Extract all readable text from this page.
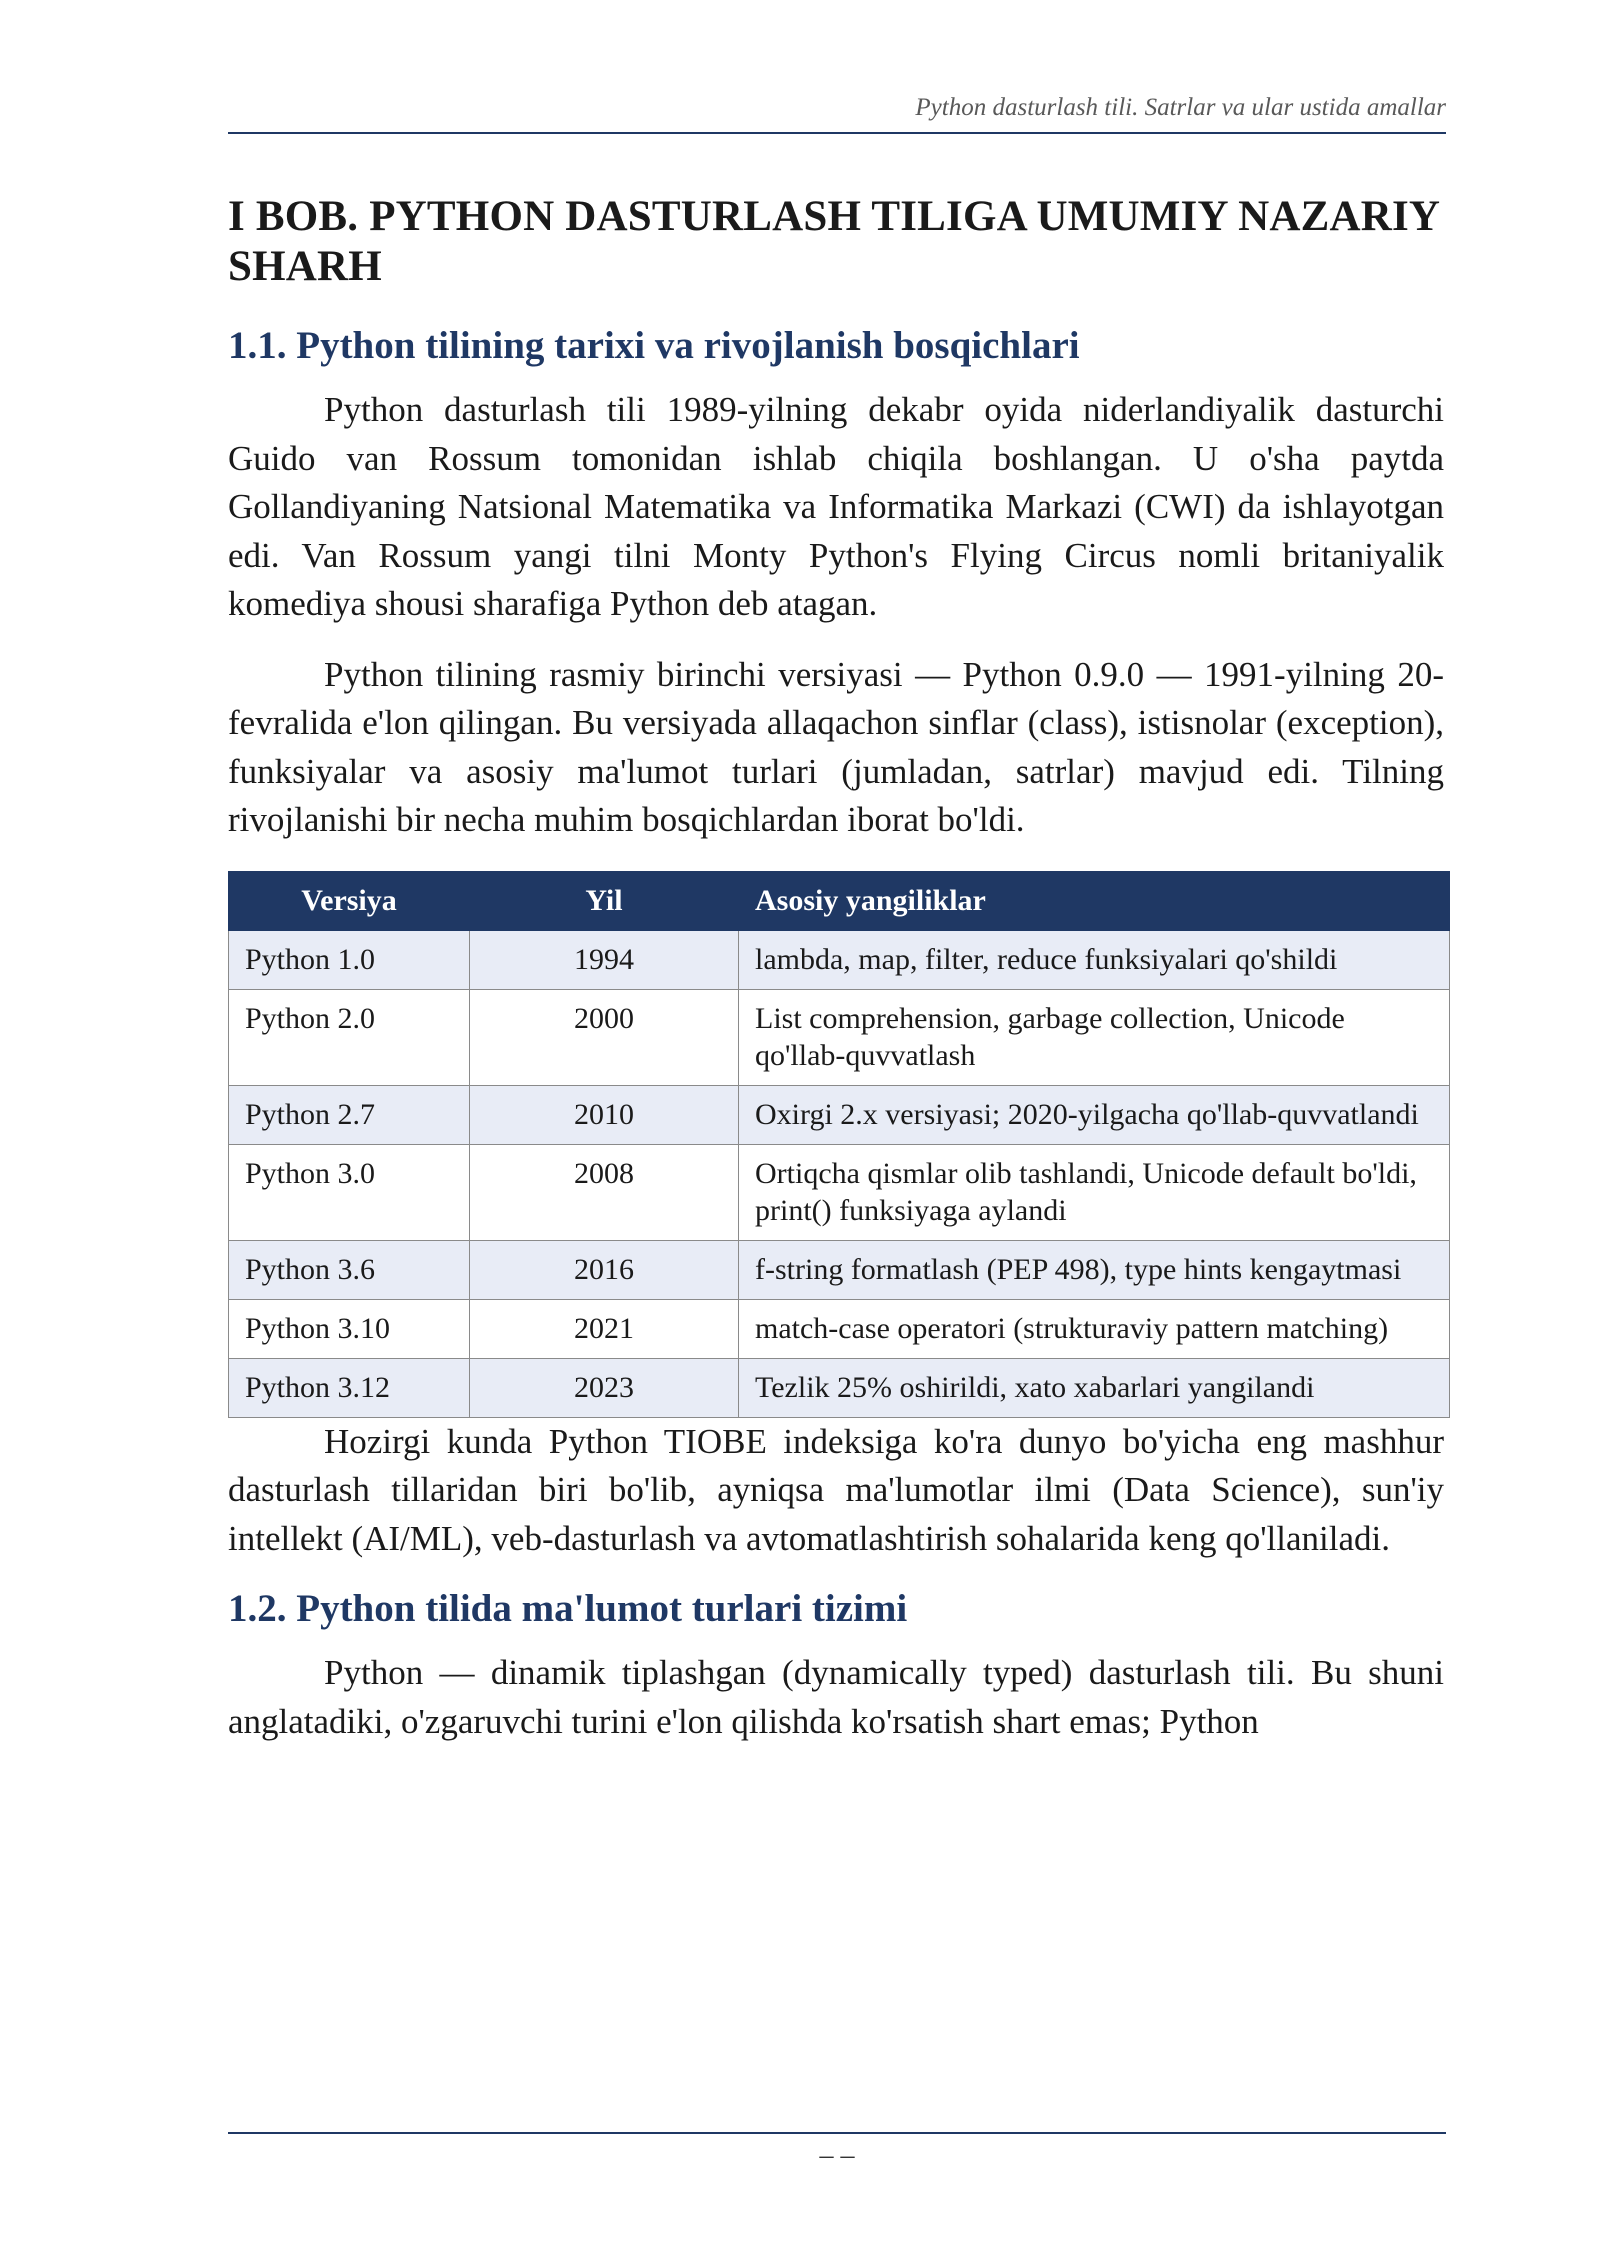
Python dasturlash tili. Satrlar va ular ustida amallar
I BOB. PYTHON DASTURLASH TILIGA UMUMIY NAZARIY SHARH
1.1. Python tilining tarixi va rivojlanish bosqichlari

Python dasturlash tili 1989-yilning dekabr oyida niderlandiyalik dasturchi Guido van Rossum tomonidan ishlab chiqila boshlangan. U o'sha paytda Gollandiyaning Natsional Matematika va Informatika Markazi (CWI) da ishlayotgan edi. Van Rossum yangi tilni Monty Python's Flying Circus nomli britaniyalik komediya shousi sharafiga Python deb atagan.

Python tilining rasmiy birinchi versiyasi — Python 0.9.0 — 1991-yilning 20-fevralida e'lon qilingan. Bu versiyada allaqachon sinflar (class), istisnolar (exception), funksiyalar va asosiy ma'lumot turlari (jumladan, satrlar) mavjud edi. Tilning rivojlanishi bir necha muhim bosqichlardan iborat bo'ldi.

Versiya	Yil	Asosiy yangiliklar
Python 1.0	1994	lambda, map, filter, reduce funksiyalari qo'shildi
Python 2.0	2000	List comprehension, garbage collection, Unicode qo'llab-quvvatlash
Python 2.7	2010	Oxirgi 2.x versiyasi; 2020-yilgacha qo'llab-quvvatlandi
Python 3.0	2008	Ortiqcha qismlar olib tashlandi, Unicode default bo'ldi, print() funksiyaga aylandi
Python 3.6	2016	f-string formatlash (PEP 498), type hints kengaytmasi
Python 3.10	2021	match-case operatori (strukturaviy pattern matching)
Python 3.12	2023	Tezlik 25% oshirildi, xato xabarlari yangilandi

Hozirgi kunda Python TIOBE indeksiga ko'ra dunyo bo'yicha eng mashhur dasturlash tillaridan biri bo'lib, ayniqsa ma'lumotlar ilmi (Data Science), sun'iy intellekt (AI/ML), veb-dasturlash va avtomatlashtirish sohalarida keng qo'llaniladi.

1.2. Python tilida ma'lumot turlari tizimi

Python — dinamik tiplashgan (dynamically typed) dasturlash tili. Bu shuni anglatadiki, o'zgaruvchi turini e'lon qilishda ko'rsatish shart emas; Python

– –
